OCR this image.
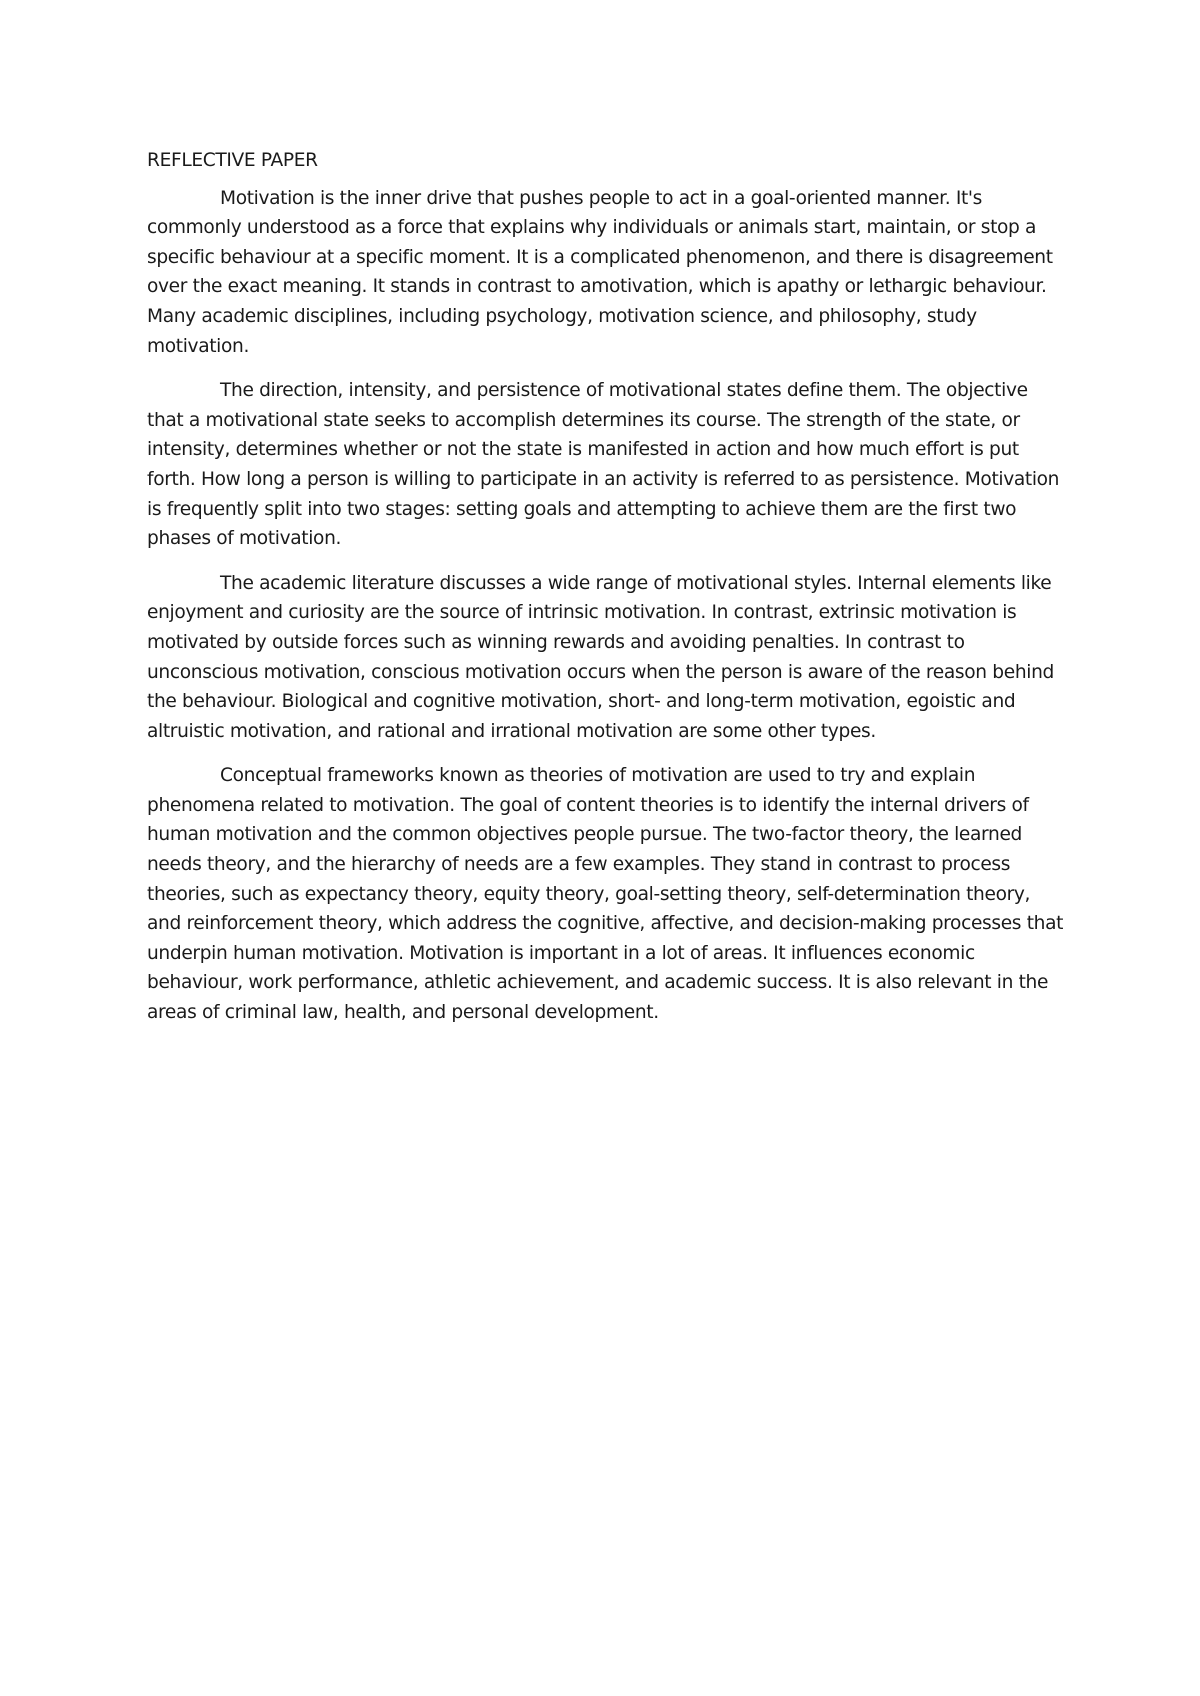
REFLECTIVE PAPER

Motivation is the inner drive that pushes people to act in a goal-oriented manner. It's commonly understood as a force that explains why individuals or animals start, maintain, or stop a specific behaviour at a specific moment. It is a complicated phenomenon, and there is disagreement over the exact meaning. It stands in contrast to amotivation, which is apathy or lethargic behaviour. Many academic disciplines, including psychology, motivation science, and philosophy, study motivation.

The direction, intensity, and persistence of motivational states define them. The objective that a motivational state seeks to accomplish determines its course. The strength of the state, or intensity, determines whether or not the state is manifested in action and how much effort is put forth. How long a person is willing to participate in an activity is referred to as persistence. Motivation is frequently split into two stages: setting goals and attempting to achieve them are the first two phases of motivation.

The academic literature discusses a wide range of motivational styles. Internal elements like enjoyment and curiosity are the source of intrinsic motivation. In contrast, extrinsic motivation is motivated by outside forces such as winning rewards and avoiding penalties. In contrast to unconscious motivation, conscious motivation occurs when the person is aware of the reason behind the behaviour. Biological and cognitive motivation, short- and long-term motivation, egoistic and altruistic motivation, and rational and irrational motivation are some other types.

Conceptual frameworks known as theories of motivation are used to try and explain phenomena related to motivation. The goal of content theories is to identify the internal drivers of human motivation and the common objectives people pursue. The two-factor theory, the learned needs theory, and the hierarchy of needs are a few examples. They stand in contrast to process theories, such as expectancy theory, equity theory, goal-setting theory, self-determination theory, and reinforcement theory, which address the cognitive, affective, and decision-making processes that underpin human motivation. Motivation is important in a lot of areas. It influences economic behaviour, work performance, athletic achievement, and academic success. It is also relevant in the areas of criminal law, health, and personal development.
